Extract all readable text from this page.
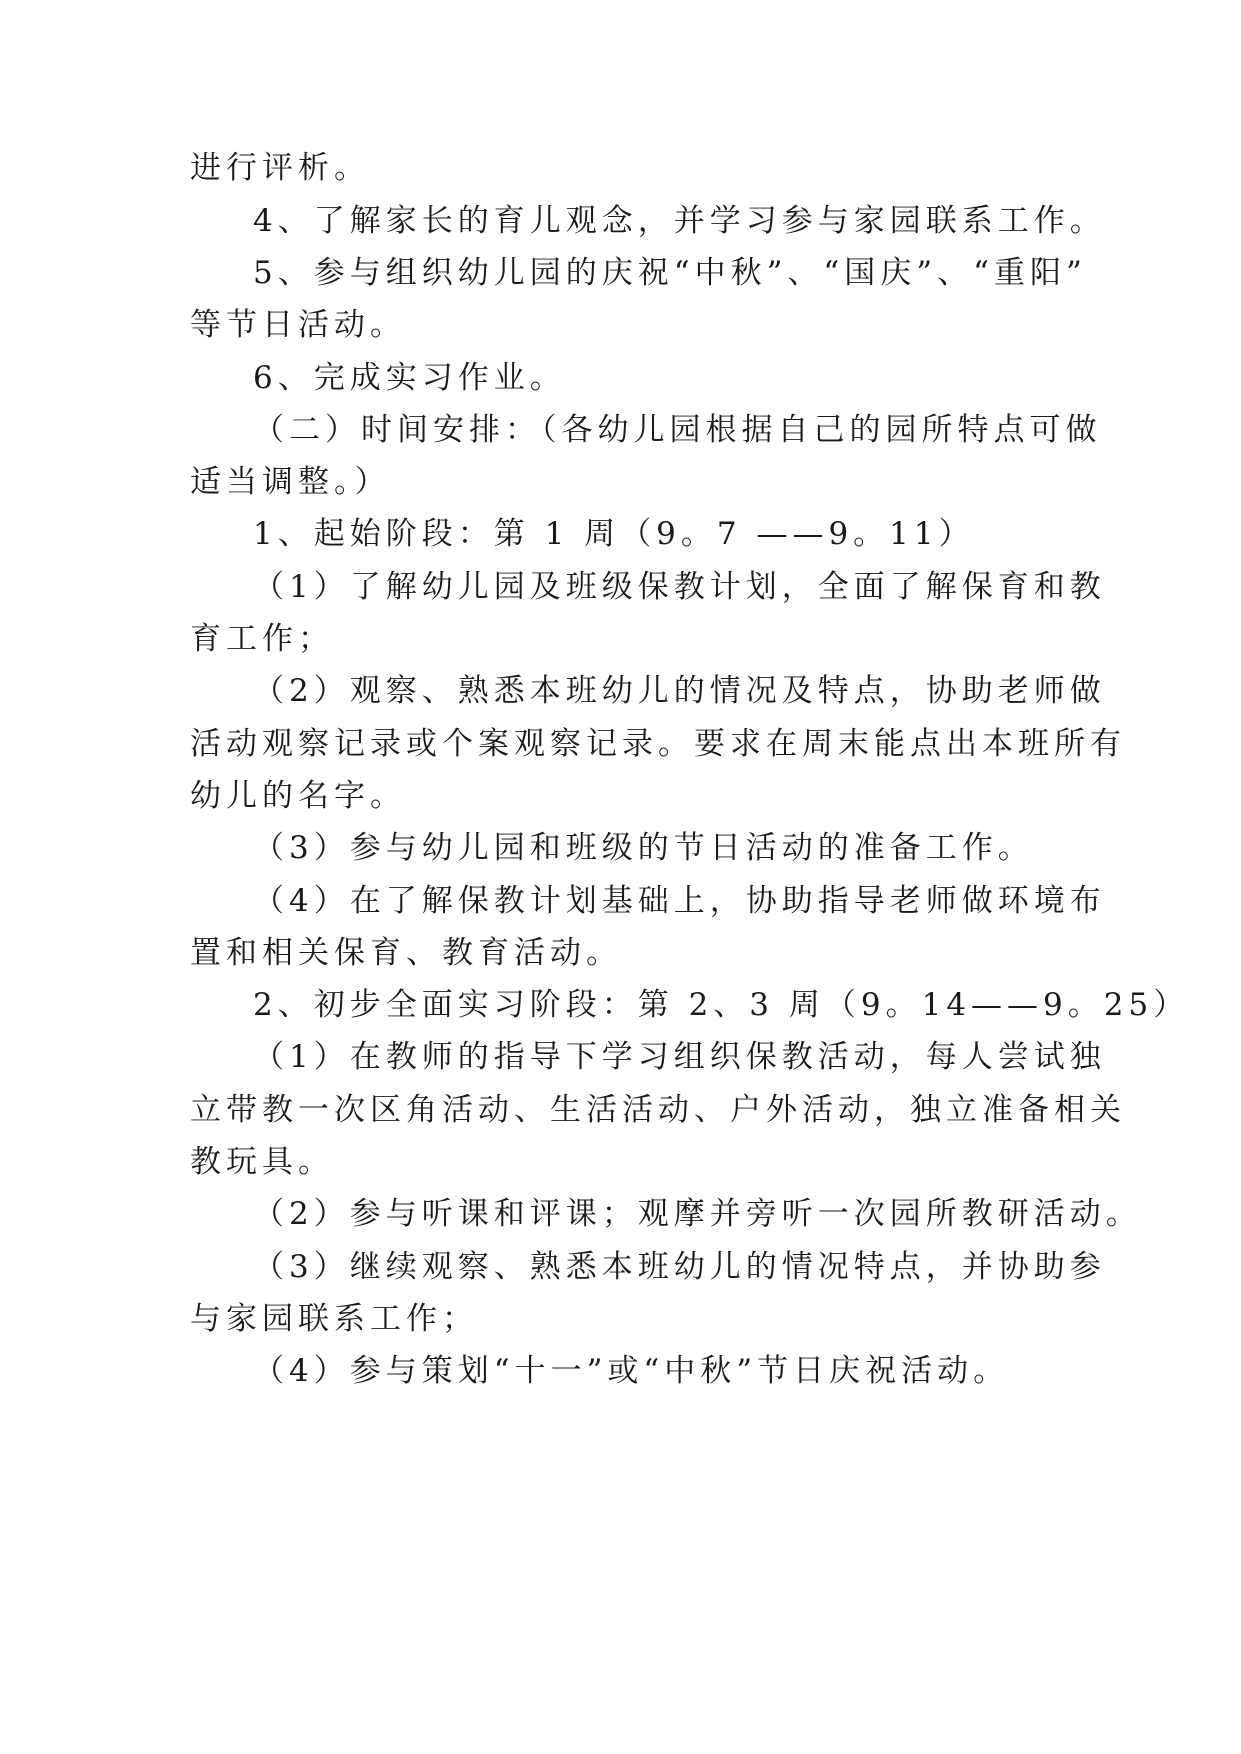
进行评析。
4、了解家长的育儿观念，并学习参与家园联系工作。
5、参与组织幼儿园的庆祝“中秋”、“国庆”、“重阳”
等节日活动。
6、完成实习作业。
（二）时间安排：（各幼儿园根据自己的园所特点可做
适当调整。）
1、起始阶段：第 1 周（9。7 ——9。11）
（1）了解幼儿园及班级保教计划，全面了解保育和教
育工作；
（2）观察、熟悉本班幼儿的情况及特点，协助老师做
活动观察记录或个案观察记录。要求在周末能点出本班所有
幼儿的名字。
（3）参与幼儿园和班级的节日活动的准备工作。
（4）在了解保教计划基础上，协助指导老师做环境布
置和相关保育、教育活动。
2、初步全面实习阶段：第 2、3 周（9。14——9。25）
（1）在教师的指导下学习组织保教活动，每人尝试独
立带教一次区角活动、生活活动、户外活动，独立准备相关
教玩具。
（2）参与听课和评课；观摩并旁听一次园所教研活动。
（3）继续观察、熟悉本班幼儿的情况特点，并协助参
与家园联系工作；
（4）参与策划“十一”或“中秋”节日庆祝活动。
